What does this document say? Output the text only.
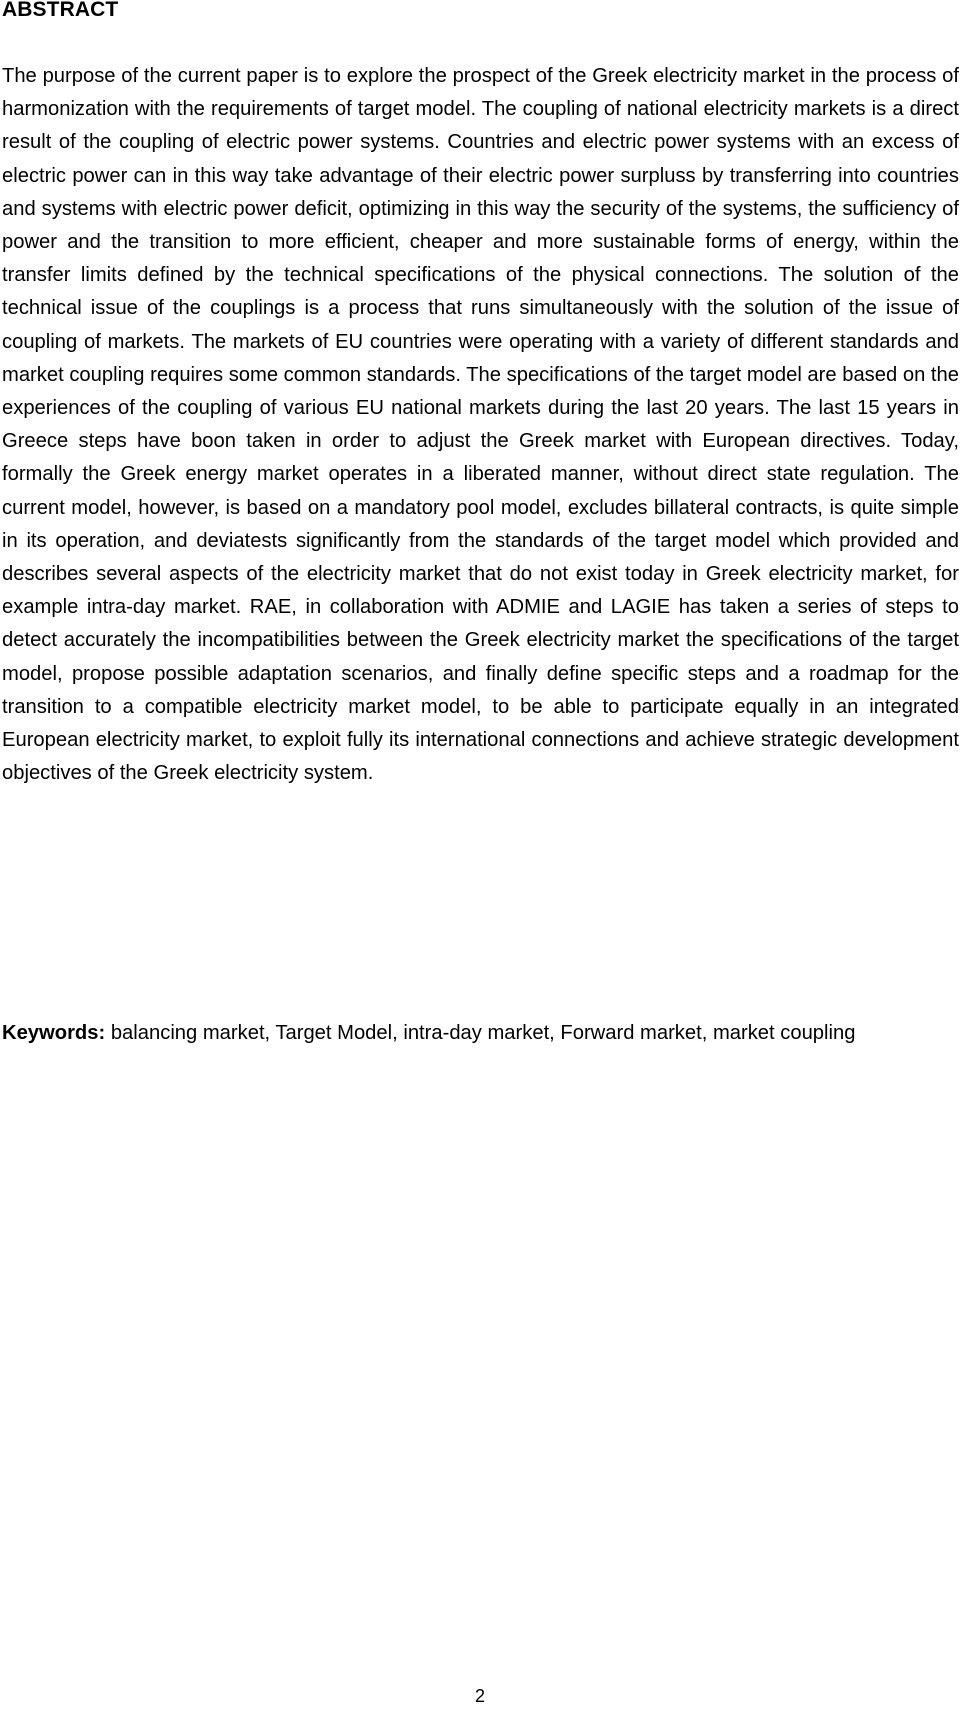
ABSTRACT

The purpose of the current paper is to explore the prospect of the Greek electricity market in the process of harmonization with the requirements of target model. The coupling of national electricity markets is a direct result of the coupling of electric power systems. Countries and electric power systems with an excess of electric power can in this way take advantage of their electric power surpluss by transferring into countries and systems with electric power deficit, optimizing in this way the security of the systems, the sufficiency of power and the transition to more efficient, cheaper and more sustainable forms of energy, within the transfer limits defined by the technical specifications of the physical connections. The solution of the technical issue of the couplings is a process that runs simultaneously with the solution of the issue of coupling of markets. The markets of EU countries were operating with a variety of different standards and market coupling requires some common standards. The specifications of the target model are based on the experiences of the coupling of various EU national markets during the last 20 years. The last 15 years in Greece steps have boon taken in order to adjust the Greek market with European directives. Today, formally the Greek energy market operates in a liberated manner, without direct state regulation. The current model, however, is based on a mandatory pool model, excludes billateral contracts, is quite simple in its operation, and deviatests significantly from the standards of the target model which provided and describes several aspects of the electricity market that do not exist today in Greek electricity market, for example intra-day market. RAE, in collaboration with ADMIE and LAGIE has taken a series of steps to detect accurately the incompatibilities between the Greek electricity market the specifications of the target model, propose possible adaptation scenarios, and finally define specific steps and a roadmap for the transition to a compatible electricity market model, to be able to participate equally in an integrated European electricity market, to exploit fully its international connections and achieve strategic development objectives of the Greek electricity system.

Keywords: balancing market, Target Model, intra-day market, Forward market, market coupling

2
